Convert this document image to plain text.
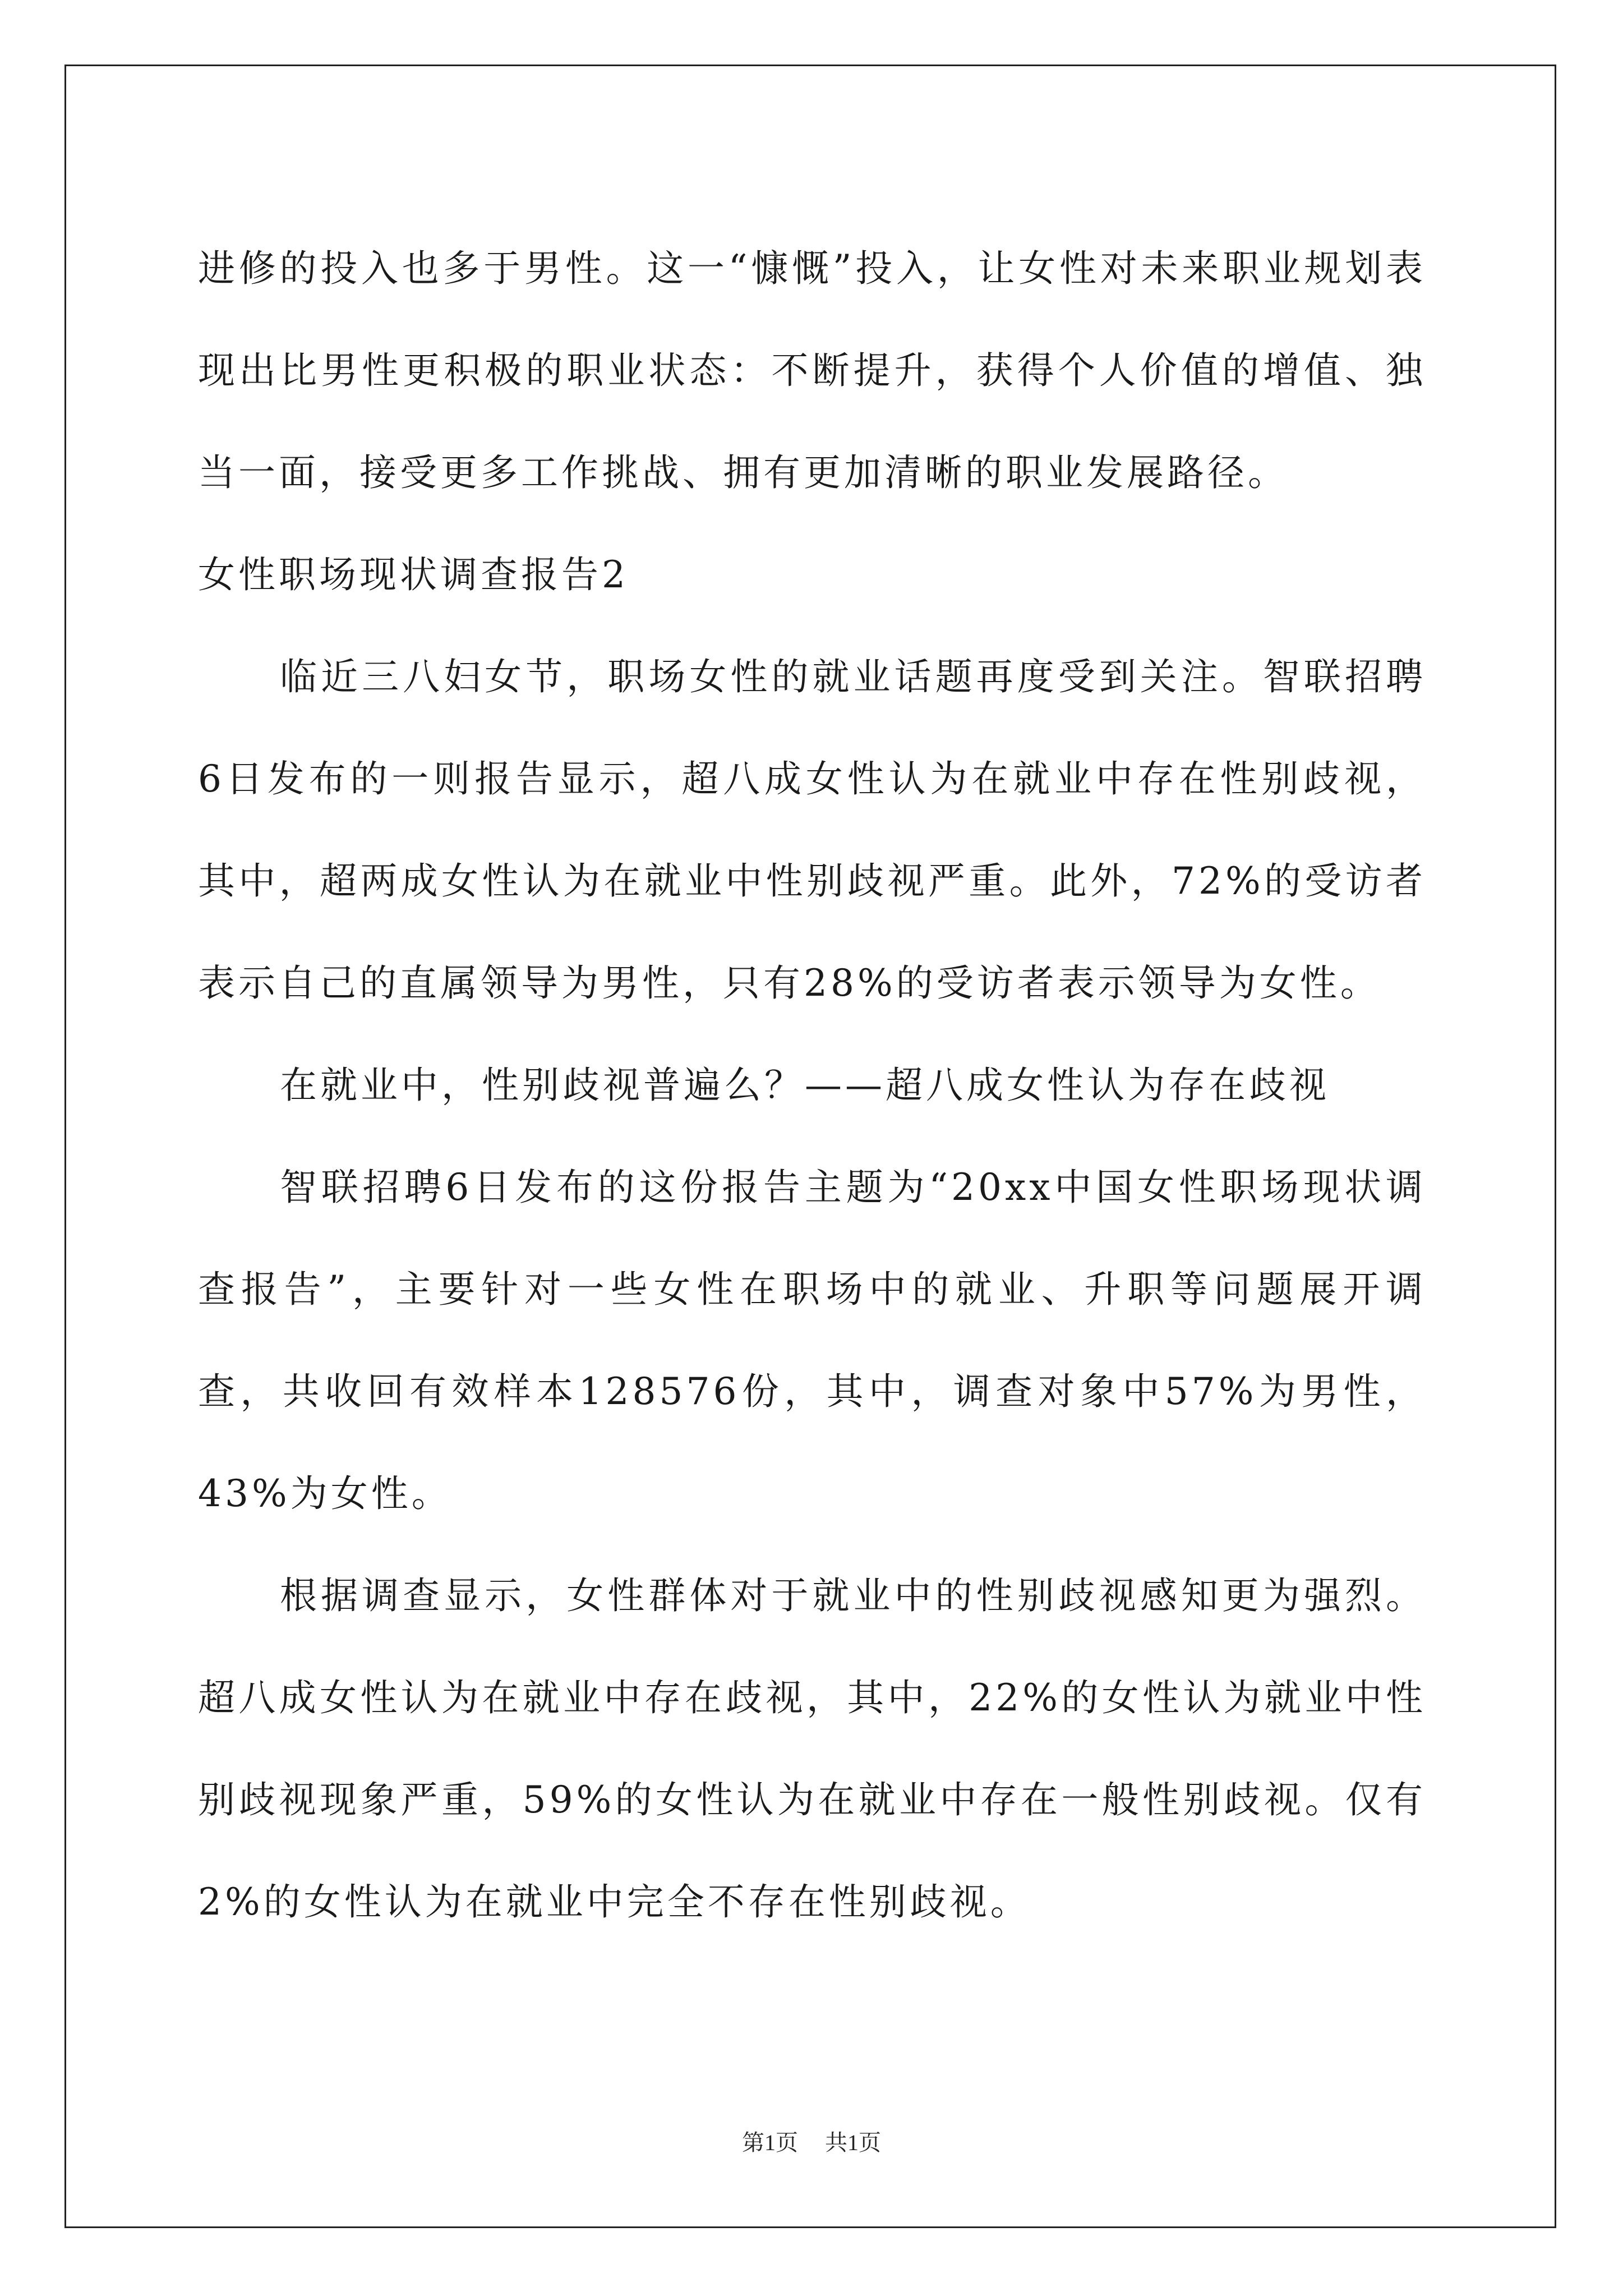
进修的投入也多于男性。这一“慷慨”投入，让女性对未来职业规划表现出比男性更积极的职业状态：不断提升，获得个人价值的增值、独当一面，接受更多工作挑战、拥有更加清晰的职业发展路径。

女性职场现状调查报告2

临近三八妇女节，职场女性的就业话题再度受到关注。智联招聘6日发布的一则报告显示，超八成女性认为在就业中存在性别歧视，其中，超两成女性认为在就业中性别歧视严重。此外，72%的受访者表示自己的直属领导为男性，只有28%的受访者表示领导为女性。

在就业中，性别歧视普遍么？——超八成女性认为存在歧视

智联招聘6日发布的这份报告主题为“20xx中国女性职场现状调查报告”，主要针对一些女性在职场中的就业、升职等问题展开调查，共收回有效样本128576份，其中，调查对象中57%为男性，43%为女性。

根据调查显示，女性群体对于就业中的性别歧视感知更为强烈。超八成女性认为在就业中存在歧视，其中，22%的女性认为就业中性别歧视现象严重，59%的女性认为在就业中存在一般性别歧视。仅有2%的女性认为在就业中完全不存在性别歧视。

第1页 共1页
